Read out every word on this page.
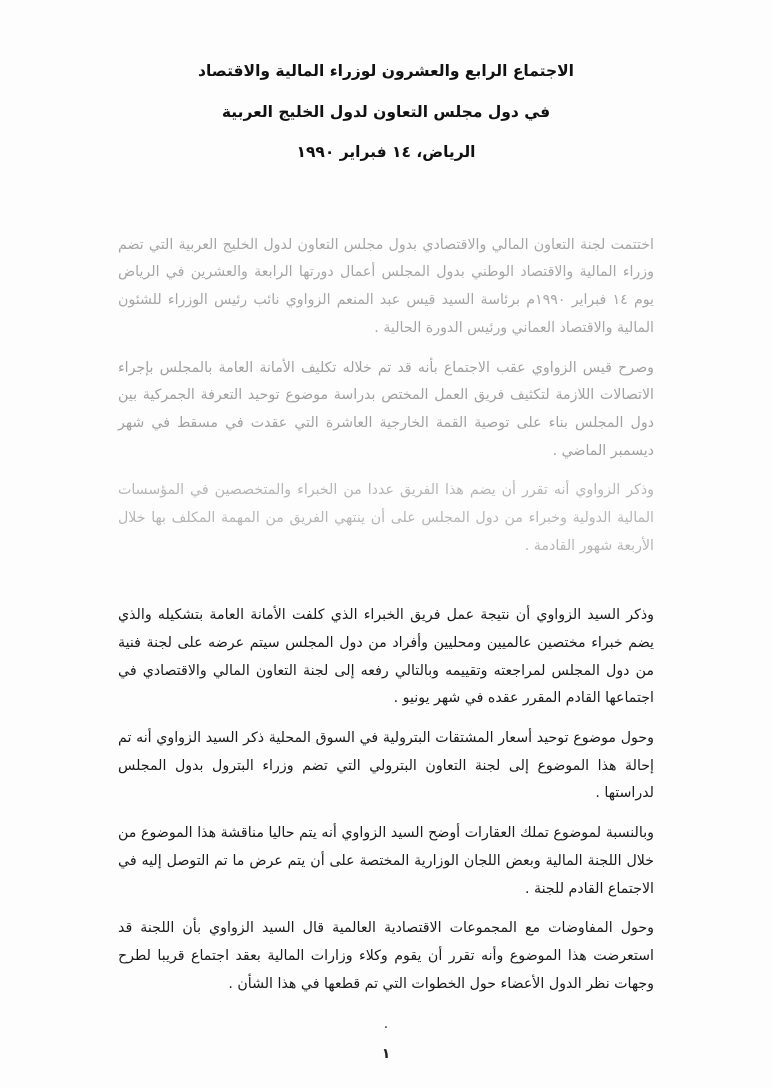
الاجتماع الرابع والعشرون لوزراء المالية والاقتصاد
في دول مجلس التعاون لدول الخليج العربية
الرياض، ١٤ فبراير ١٩٩٠

اختتمت لجنة التعاون المالي والاقتصادي بدول مجلس التعاون لدول الخليج العربية التي تضم وزراء المالية والاقتصاد الوطني بدول المجلس أعمال دورتها الرابعة والعشرين في الرياض يوم ١٤ فبراير ١٩٩٠م برئاسة السيد قيس عبد المنعم الزواوي نائب رئيس الوزراء للشئون المالية والاقتصاد العماني ورئيس الدورة الحالية .

وصرح قيس الزواوي عقب الاجتماع بأنه قد تم خلاله تكليف الأمانة العامة بالمجلس بإجراء الاتصالات اللازمة لتكثيف فريق العمل المختص بدراسة موضوع توحيد التعرفة الجمركية بين دول المجلس بناء على توصية القمة الخارجية العاشرة التي عقدت في مسقط في شهر ديسمبر الماضي .

وذكر الزواوي أنه تقرر أن يضم هذا الفريق عددا من الخبراء والمتخصصين في المؤسسات المالية الدولية وخبراء من دول المجلس على أن ينتهي الفريق من المهمة المكلف بها خلال الأربعة شهور القادمة .

وذكر السيد الزواوي أن نتيجة عمل فريق الخبراء الذي كلفت الأمانة العامة بتشكيله والذي يضم خبراء مختصين عالميين ومحليين وأفراد من دول المجلس سيتم عرضه على لجنة فنية من دول المجلس لمراجعته وتقييمه وبالتالي رفعه إلى لجنة التعاون المالي والاقتصادي في اجتماعها القادم المقرر عقده في شهر يونيو .

وحول موضوع توحيد أسعار المشتقات البترولية في السوق المحلية ذكر السيد الزواوي أنه تم إحالة هذا الموضوع إلى لجنة التعاون البترولي التي تضم وزراء البترول بدول المجلس لدراستها .

وبالنسبة لموضوع تملك العقارات أوضح السيد الزواوي أنه يتم حاليا مناقشة هذا الموضوع من خلال اللجنة المالية وبعض اللجان الوزارية المختصة على أن يتم عرض ما تم التوصل إليه في الاجتماع القادم للجنة .

وحول المفاوضات مع المجموعات الاقتصادية العالمية قال السيد الزواوي بأن اللجنة قد استعرضت هذا الموضوع وأنه تقرر أن يقوم وكلاء وزارات المالية بعقد اجتماع قريبا لطرح وجهات نظر الدول الأعضاء حول الخطوات التي تم قطعها في هذا الشأن .

.

١
